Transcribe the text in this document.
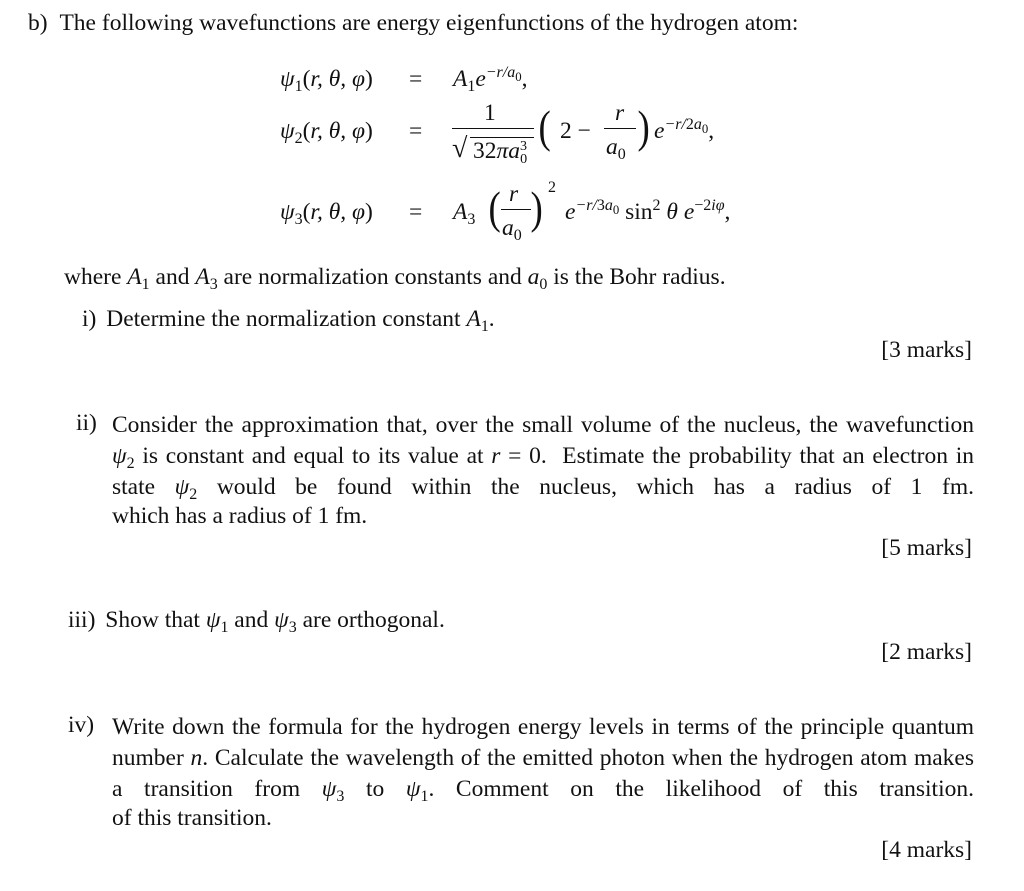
b) The following wavefunctions are energy eigenfunctions of the hydrogen atom:
$\psi_1(r$, θ, $\varphi) = A_1e^{-r/a_0}$,
$\psi_2(r$, θ, φ) =
1
√ $32\pi a^3_0$
( 2 −
r
$a_0$
) $e^{-r/2a_0}$,
$\psi_3(r$, θ, $\varphi) = A_3$ ( r
$a_0$
) 2
$e^{-r/3a_0}$ $\sin^2 \theta$ $e^{-2i\varphi}$,
where $A_1$ and $A_3$ are normalization constants and $a_0$ is the Bohr radius.
i) Determine the normalization constant $A_1$.
[3 marks]
ii) Consider the approximation that, over the small volume of the nucleus, the wavefunction $\psi_2$ is constant and equal to its value at r = 0.  Estimate the probability that an electron in state $\psi_2$ would be found within the nucleus, which has a radius of 1 fm.
which has a radius of 1 fm.
[5 marks]
iii) Show that $\psi_1$ and $\psi_3$ are orthogonal.
[2 marks]
iv) Write down the formula for the hydrogen energy levels in terms of the principle quantum number n. Calculate the wavelength of the emitted photon when the hydrogen atom makes a transition from $\psi_3$ to $\psi_1$. Comment on the likelihood of this transition.
of this transition.
[4 marks]
